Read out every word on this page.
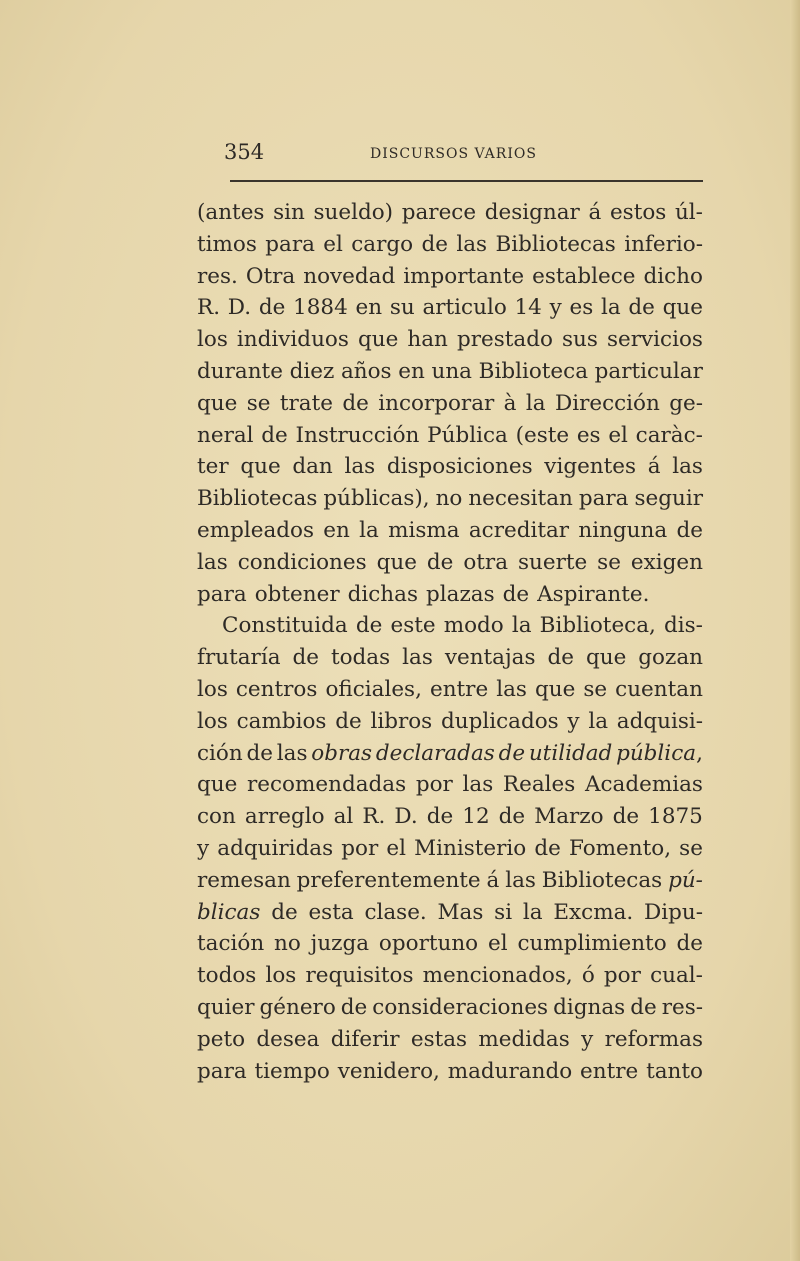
354	DISCURSOS VARIOS
(antes sin sueldo) parece designar á estos úl-
timos para el cargo de las Bibliotecas inferio-
res. Otra novedad importante establece dicho
R. D. de 1884 en su articulo 14 y es la de que
los individuos que han prestado sus servicios
durante diez años en una Biblioteca particular
que se trate de incorporar à la Dirección ge-
neral de Instrucción Pública (este es el caràc-
ter que dan las disposiciones vigentes á las
Bibliotecas públicas), no necesitan para seguir
empleados en la misma acreditar ninguna de
las condiciones que de otra suerte se exigen
para obtener dichas plazas de Aspirante.
Constituida de este modo la Biblioteca, dis-
frutaría de todas las ventajas de que gozan
los centros oficiales, entre las que se cuentan
los cambios de libros duplicados y la adquisi-
ción de las obras declaradas de utilidad pública,
que recomendadas por las Reales Academias
con arreglo al R. D. de 12 de Marzo de 1875
y adquiridas por el Ministerio de Fomento, se
remesan preferentemente á las Bibliotecas pú-
blicas de esta clase. Mas si la Excma. Dipu-
tación no juzga oportuno el cumplimiento de
todos los requisitos mencionados, ó por cual-
quier género de consideraciones dignas de res-
peto desea diferir estas medidas y reformas
para tiempo venidero, madurando entre tanto
